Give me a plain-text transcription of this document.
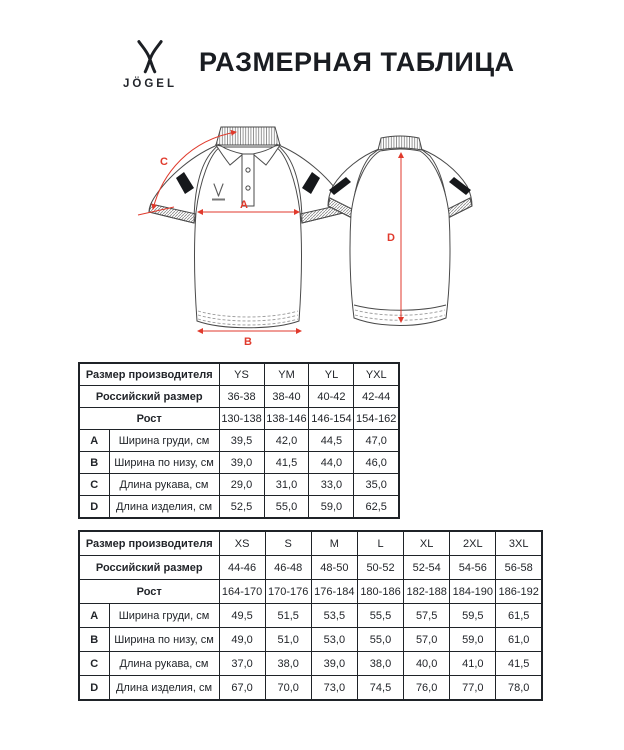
JÖGEL
РАЗМЕРНАЯ ТАБЛИЦА
A
B
C
D
Размер производителя		YS	YM	YL	YXL
Российский размер		36-38	38-40	40-42	42-44
Рост		130-138	138-146	146-154	154-162
A	Ширина груди, см	39,5	42,0	44,5	47,0
B	Ширина по низу, см	39,0	41,5	44,0	46,0
C	Длина рукава, см	29,0	31,0	33,0	35,0
D	Длина изделия, см	52,5	55,0	59,0	62,5
Размер производителя		XS	S	M	L	XL	2XL	3XL
Российский размер		44-46	46-48	48-50	50-52	52-54	54-56	56-58
Рост		164-170	170-176	176-184	180-186	182-188	184-190	186-192
A	Ширина груди, см	49,5	51,5	53,5	55,5	57,5	59,5	61,5
B	Ширина по низу, см	49,0	51,0	53,0	55,0	57,0	59,0	61,0
C	Длина рукава, см	37,0	38,0	39,0	38,0	40,0	41,0	41,5
D	Длина изделия, см	67,0	70,0	73,0	74,5	76,0	77,0	78,0
